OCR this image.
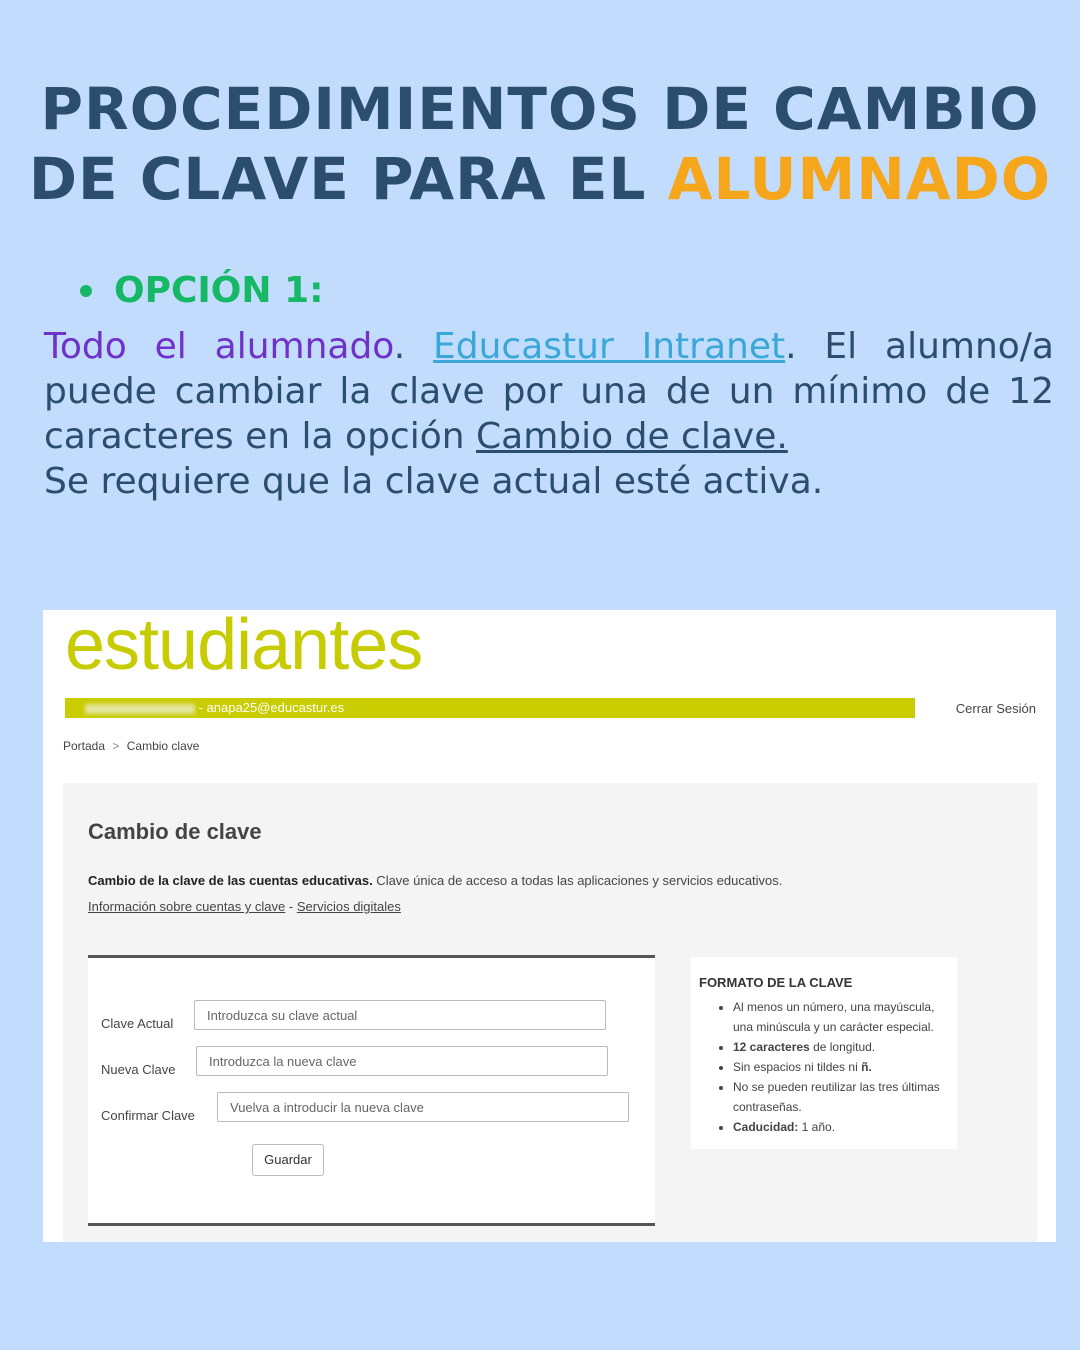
PROCEDIMIENTOS DE CAMBIO
DE CLAVE PARA EL ALUMNADO
OPCIÓN 1:

Todo el alumnado. Educastur Intranet. El alumno/a puede cambiar la clave por una de un mínimo de 12 caracteres en la opción Cambio de clave.
Se requiere que la clave actual esté activa.

estudiantes
- anapa25@educastur.es	Cerrar Sesión
Portada > Cambio clave
Cambio de clave
Cambio de la clave de las cuentas educativas. Clave única de acceso a todas las aplicaciones y servicios educativos.
Información sobre cuentas y clave - Servicios digitales
Clave Actual
Introduzca su clave actual
Nueva Clave
Introduzca la nueva clave
Confirmar Clave
Vuelva a introducir la nueva clave
Guardar
FORMATO DE LA CLAVE
• Al menos un número, una mayúscula, una minúscula y un carácter especial.
• 12 caracteres de longitud.
• Sin espacios ni tildes ni ñ.
• No se pueden reutilizar las tres últimas contraseñas.
• Caducidad: 1 año.
